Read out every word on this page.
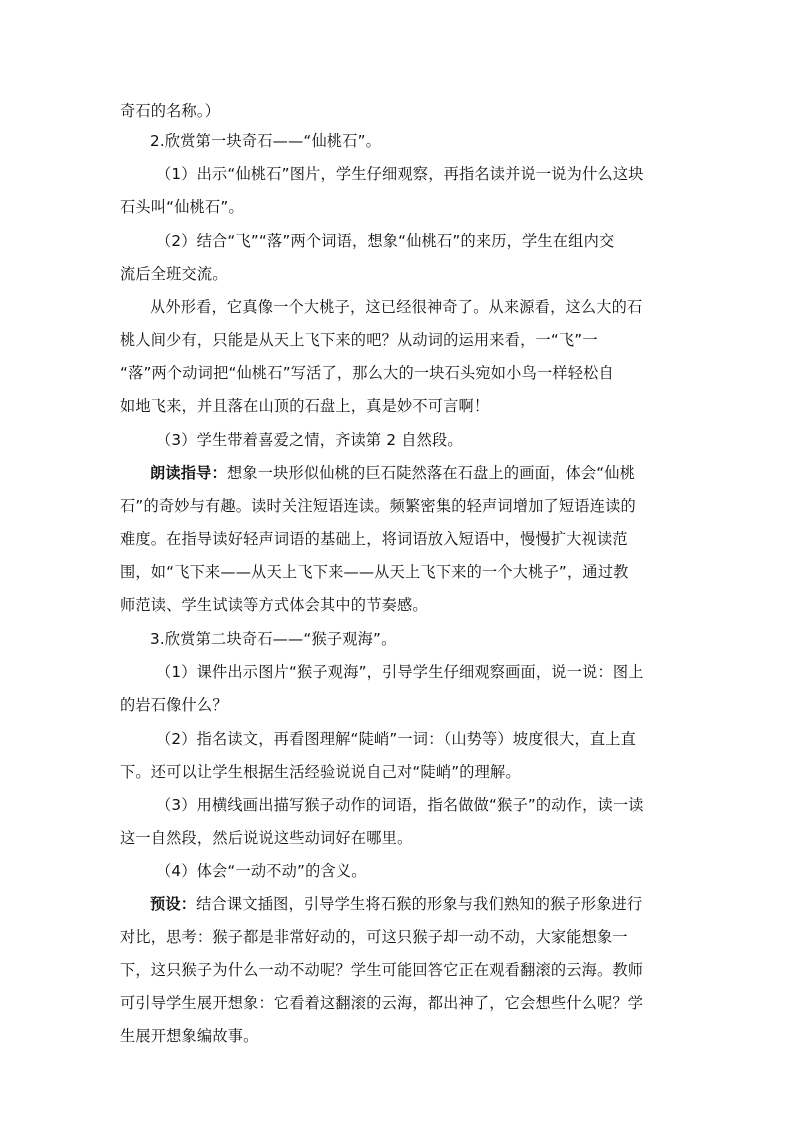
奇石的名称。）
2.欣赏第一块奇石——“仙桃石”。
（1）出示“仙桃石”图片，学生仔细观察，再指名读并说一说为什么这块
石头叫“仙桃石”。
（2）结合“飞”“落”两个词语，想象“仙桃石”的来历，学生在组内交
流后全班交流。
从外形看，它真像一个大桃子，这已经很神奇了。从来源看，这么大的石
桃人间少有，只能是从天上飞下来的吧？从动词的运用来看，一“飞”一
“落”两个动词把“仙桃石”写活了，那么大的一块石头宛如小鸟一样轻松自
如地飞来，并且落在山顶的石盘上，真是妙不可言啊！
（3）学生带着喜爱之情，齐读第 2 自然段。
朗读指导：想象一块形似仙桃的巨石陡然落在石盘上的画面，体会“仙桃
石”的奇妙与有趣。读时关注短语连读。频繁密集的轻声词增加了短语连读的
难度。在指导读好轻声词语的基础上，将词语放入短语中，慢慢扩大视读范
围，如“飞下来——从天上飞下来——从天上飞下来的一个大桃子”，通过教
师范读、学生试读等方式体会其中的节奏感。
3.欣赏第二块奇石——“猴子观海”。
（1）课件出示图片“猴子观海”，引导学生仔细观察画面，说一说：图上
的岩石像什么？
（2）指名读文，再看图理解“陡峭”一词：（山势等）坡度很大，直上直
下。还可以让学生根据生活经验说说自己对“陡峭”的理解。
（3）用横线画出描写猴子动作的词语，指名做做“猴子”的动作，读一读
这一自然段，然后说说这些动词好在哪里。
（4）体会“一动不动”的含义。
预设：结合课文插图，引导学生将石猴的形象与我们熟知的猴子形象进行
对比，思考：猴子都是非常好动的，可这只猴子却一动不动，大家能想象一
下，这只猴子为什么一动不动呢？学生可能回答它正在观看翻滚的云海。教师
可引导学生展开想象：它看着这翻滚的云海，都出神了，它会想些什么呢？学
生展开想象编故事。
